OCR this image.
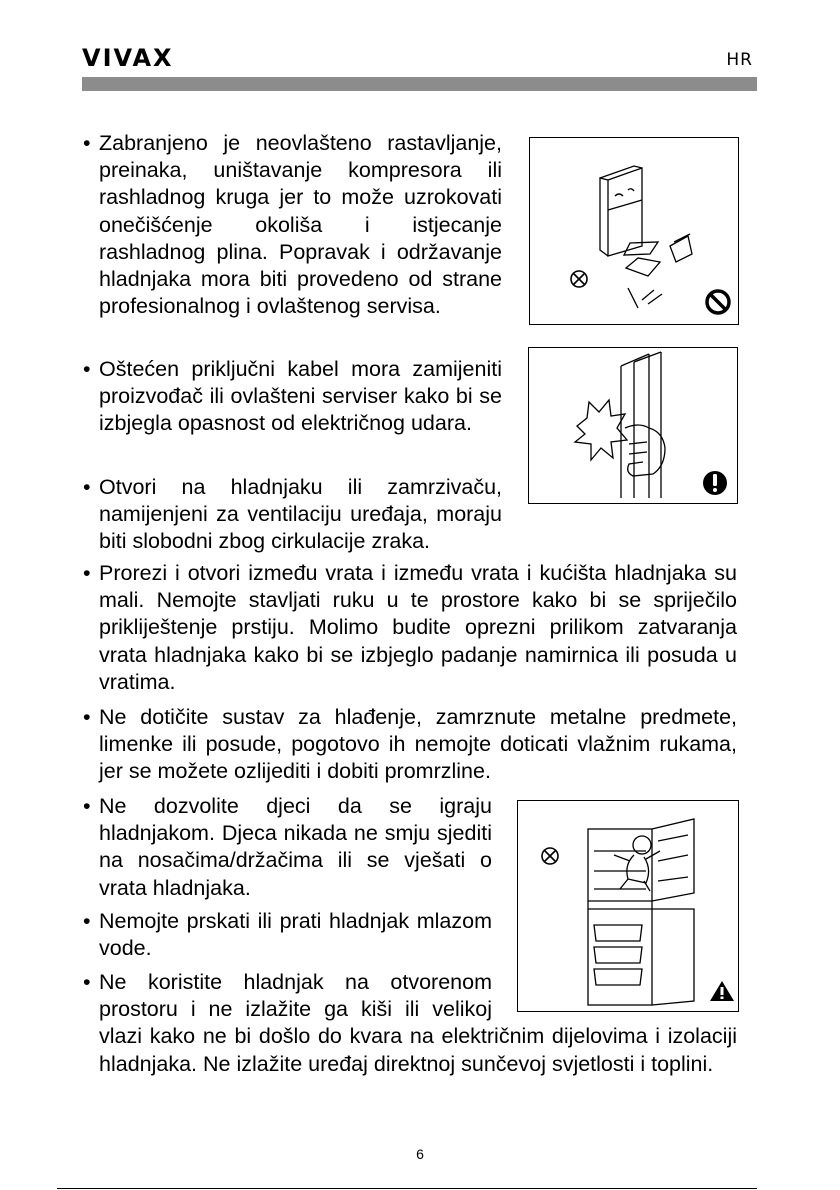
VIVAX	HR
• Zabranjeno je neovlašteno rastavljanje, preinaka, uništavanje kompresora ili rashladnog kruga jer to može uzrokovati onečišćenje okoliša i istjecanje rashladnog plina. Popravak i održavanje hladnjaka mora biti provedeno od strane profesionalnog i ovlaštenog servisa.
• Oštećen priključni kabel mora zamijeniti proizvođač ili ovlašteni serviser kako bi se izbjegla opasnost od električnog udara.
• Otvori na hladnjaku ili zamrzivaču, namijenjeni za ventilaciju uređaja, moraju biti slobodni zbog cirkulacije zraka.
• Prorezi i otvori između vrata i između vrata i kućišta hladnjaka su mali. Nemojte stavljati ruku u te prostore kako bi se spriječilo prikliještenje prstiju. Molimo budite oprezni prilikom zatvaranja vrata hladnjaka kako bi se izbjeglo padanje namirnica ili posuda u vratima.
• Ne dotičite sustav za hlađenje, zamrznute metalne predmete, limenke ili posude, pogotovo ih nemojte doticati vlažnim rukama, jer se možete ozlijediti i dobiti promrzline.
• Ne dozvolite djeci da se igraju hladnjakom. Djeca nikada ne smju sjediti na nosačima/držačima ili se vješati o vrata hladnjaka.
• Nemojte prskati ili prati hladnjak mlazom vode.
• Ne koristite hladnjak na otvorenom prostoru i ne izlažite ga kiši ili velikoj vlazi kako ne bi došlo do kvara na električnim dijelovima i izolaciji hladnjaka. Ne izlažite uređaj direktnoj sunčevoj svjetlosti i toplini.
6
